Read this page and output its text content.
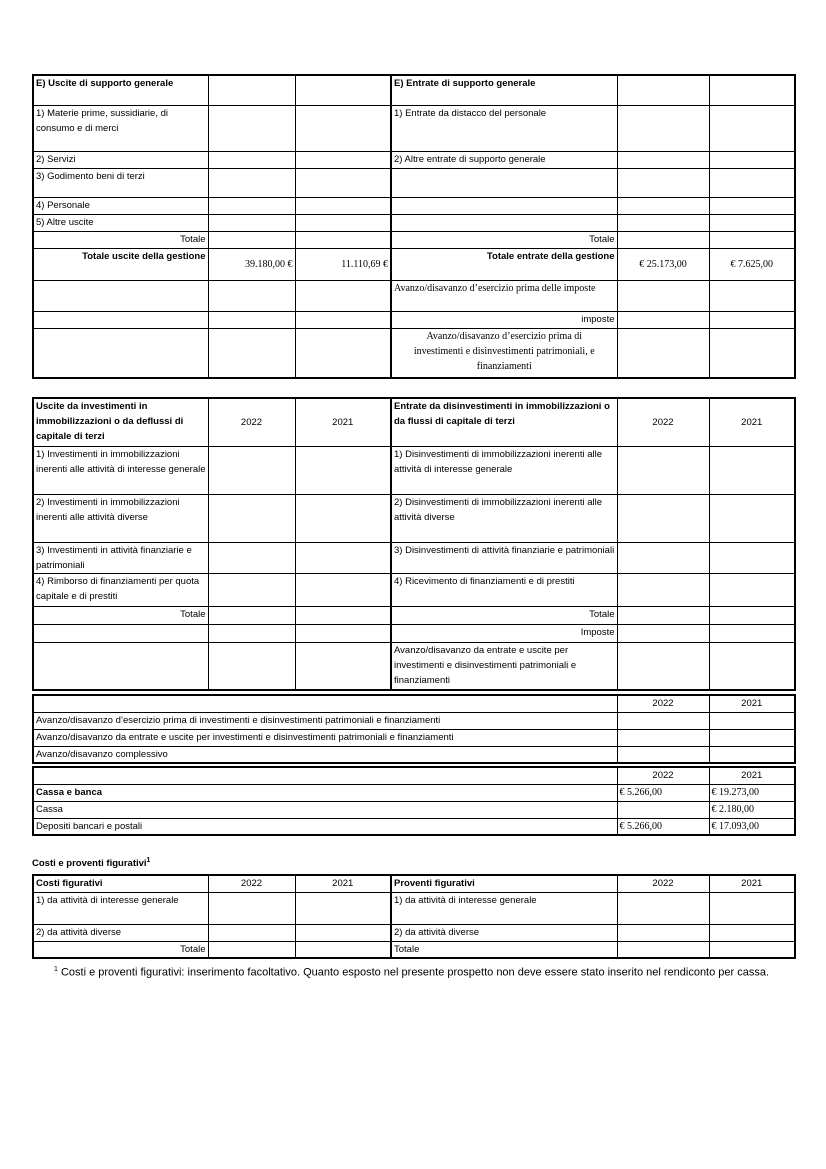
E) Uscite di supporto generale			E) Entrate di supporto generale		
1) Materie prime, sussidiarie, di consumo e di merci			1) Entrate da distacco del personale		
2) Servizi			2) Altre entrate di supporto generale		
3) Godimento beni di terzi					
4) Personale					
5) Altre uscite					
Totale			Totale		
Totale uscite della gestione	39.180,00 €	11.110,69 €	Totale entrate della gestione	€ 25.173,00	€ 7.625,00
			Avanzo/disavanzo d’esercizio prima delle imposte		
			imposte		
			Avanzo/disavanzo d’esercizio prima di investimenti e disinvestimenti patrimoniali, e finanziamenti		
Uscite da investimenti in immobilizzazioni o da deflussi di capitale di terzi	2022	2021	Entrate da disinvestimenti in immobilizzazioni o da flussi di capitale di terzi	2022	2021
1) Investimenti in immobilizzazioni inerenti alle attività di interesse generale			1) Disinvestimenti di immobilizzazioni inerenti alle attività di interesse generale		
2) Investimenti in immobilizzazioni inerenti alle attività diverse			2) Disinvestimenti di immobilizzazioni inerenti alle attività diverse		
3) Investimenti in attività finanziarie e patrimoniali			3) Disinvestimenti di attività finanziarie e patrimoniali		
4) Rimborso di finanziamenti per quota capitale e di prestiti			4) Ricevimento di finanziamenti e di prestiti		
Totale			Totale		
			Imposte		
			Avanzo/disavanzo da entrate e uscite per investimenti e disinvestimenti patrimoniali e finanziamenti		
	2022	2021
Avanzo/disavanzo d’esercizio prima di investimenti e disinvestimenti patrimoniali e finanziamenti		
Avanzo/disavanzo da entrate e uscite per investimenti e disinvestimenti patrimoniali e finanziamenti		
Avanzo/disavanzo complessivo		
	2022	2021
Cassa e banca	€ 5.266,00	€ 19.273,00
Cassa		€ 2.180,00
Depositi bancari e postali	€ 5.266,00	€ 17.093,00
Costi e proventi figurativi$^1$
Costi figurativi	2022	2021	Proventi figurativi	2022	2021
1) da attività di interesse generale			1) da attività di interesse generale		
2) da attività diverse			2) da attività diverse		
Totale			Totale		
$^1$ Costi e proventi figurativi: inserimento facoltativo. Quanto esposto nel presente prospetto non deve essere stato inserito nel rendiconto per cassa.
